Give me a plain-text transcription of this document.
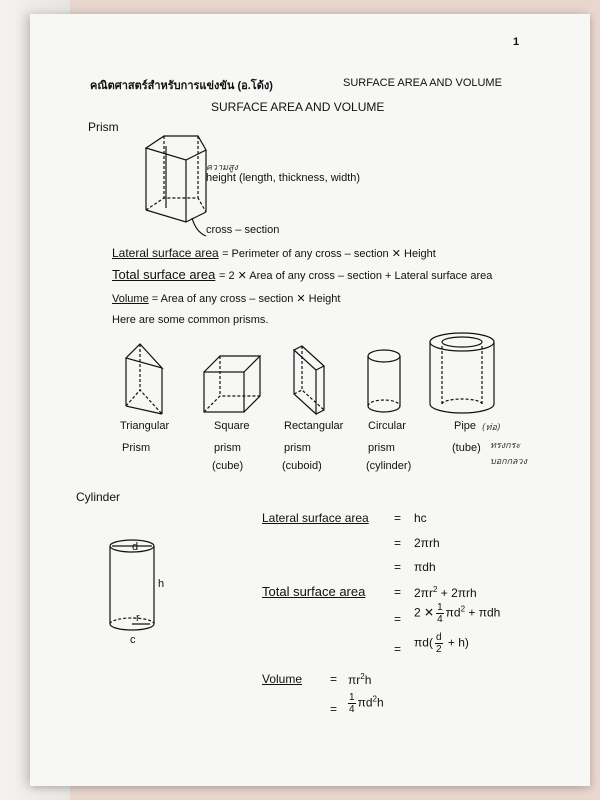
1
คณิตศาสตร์สำหรับการแข่งขัน (อ.โด้ง)	SURFACE AREA AND VOLUME
SURFACE AREA AND VOLUME
Prism
ความสูง
height (length, thickness, width)
cross – section
Lateral surface area = Perimeter of any cross – section ✕ Height
Total surface area = 2 ✕ Area of any cross – section + Lateral surface area
Volume = Area of any cross – section ✕ Height
Here are some common prisms.
Triangular
Prism
Square
prism
(cube)
Rectangular
prism
(cuboid)
Circular
prism
(cylinder)
Pipe (ท่อ)
(tube) ทรงกระ
บอกกลวง
Cylinder
d
h
r
c
Lateral surface area = hc
= 2πrh
= πdh
Total surface area = $2\pi r^2 + 2\pi rh$
= 2 ✕ $\frac{1}{4} \pi d^2 + \pi dh$
= $\pi d( \frac{d}{2} + h)$
Volume = $\pi r^2h$
= $\frac{1}{4} \pi d^2h$
